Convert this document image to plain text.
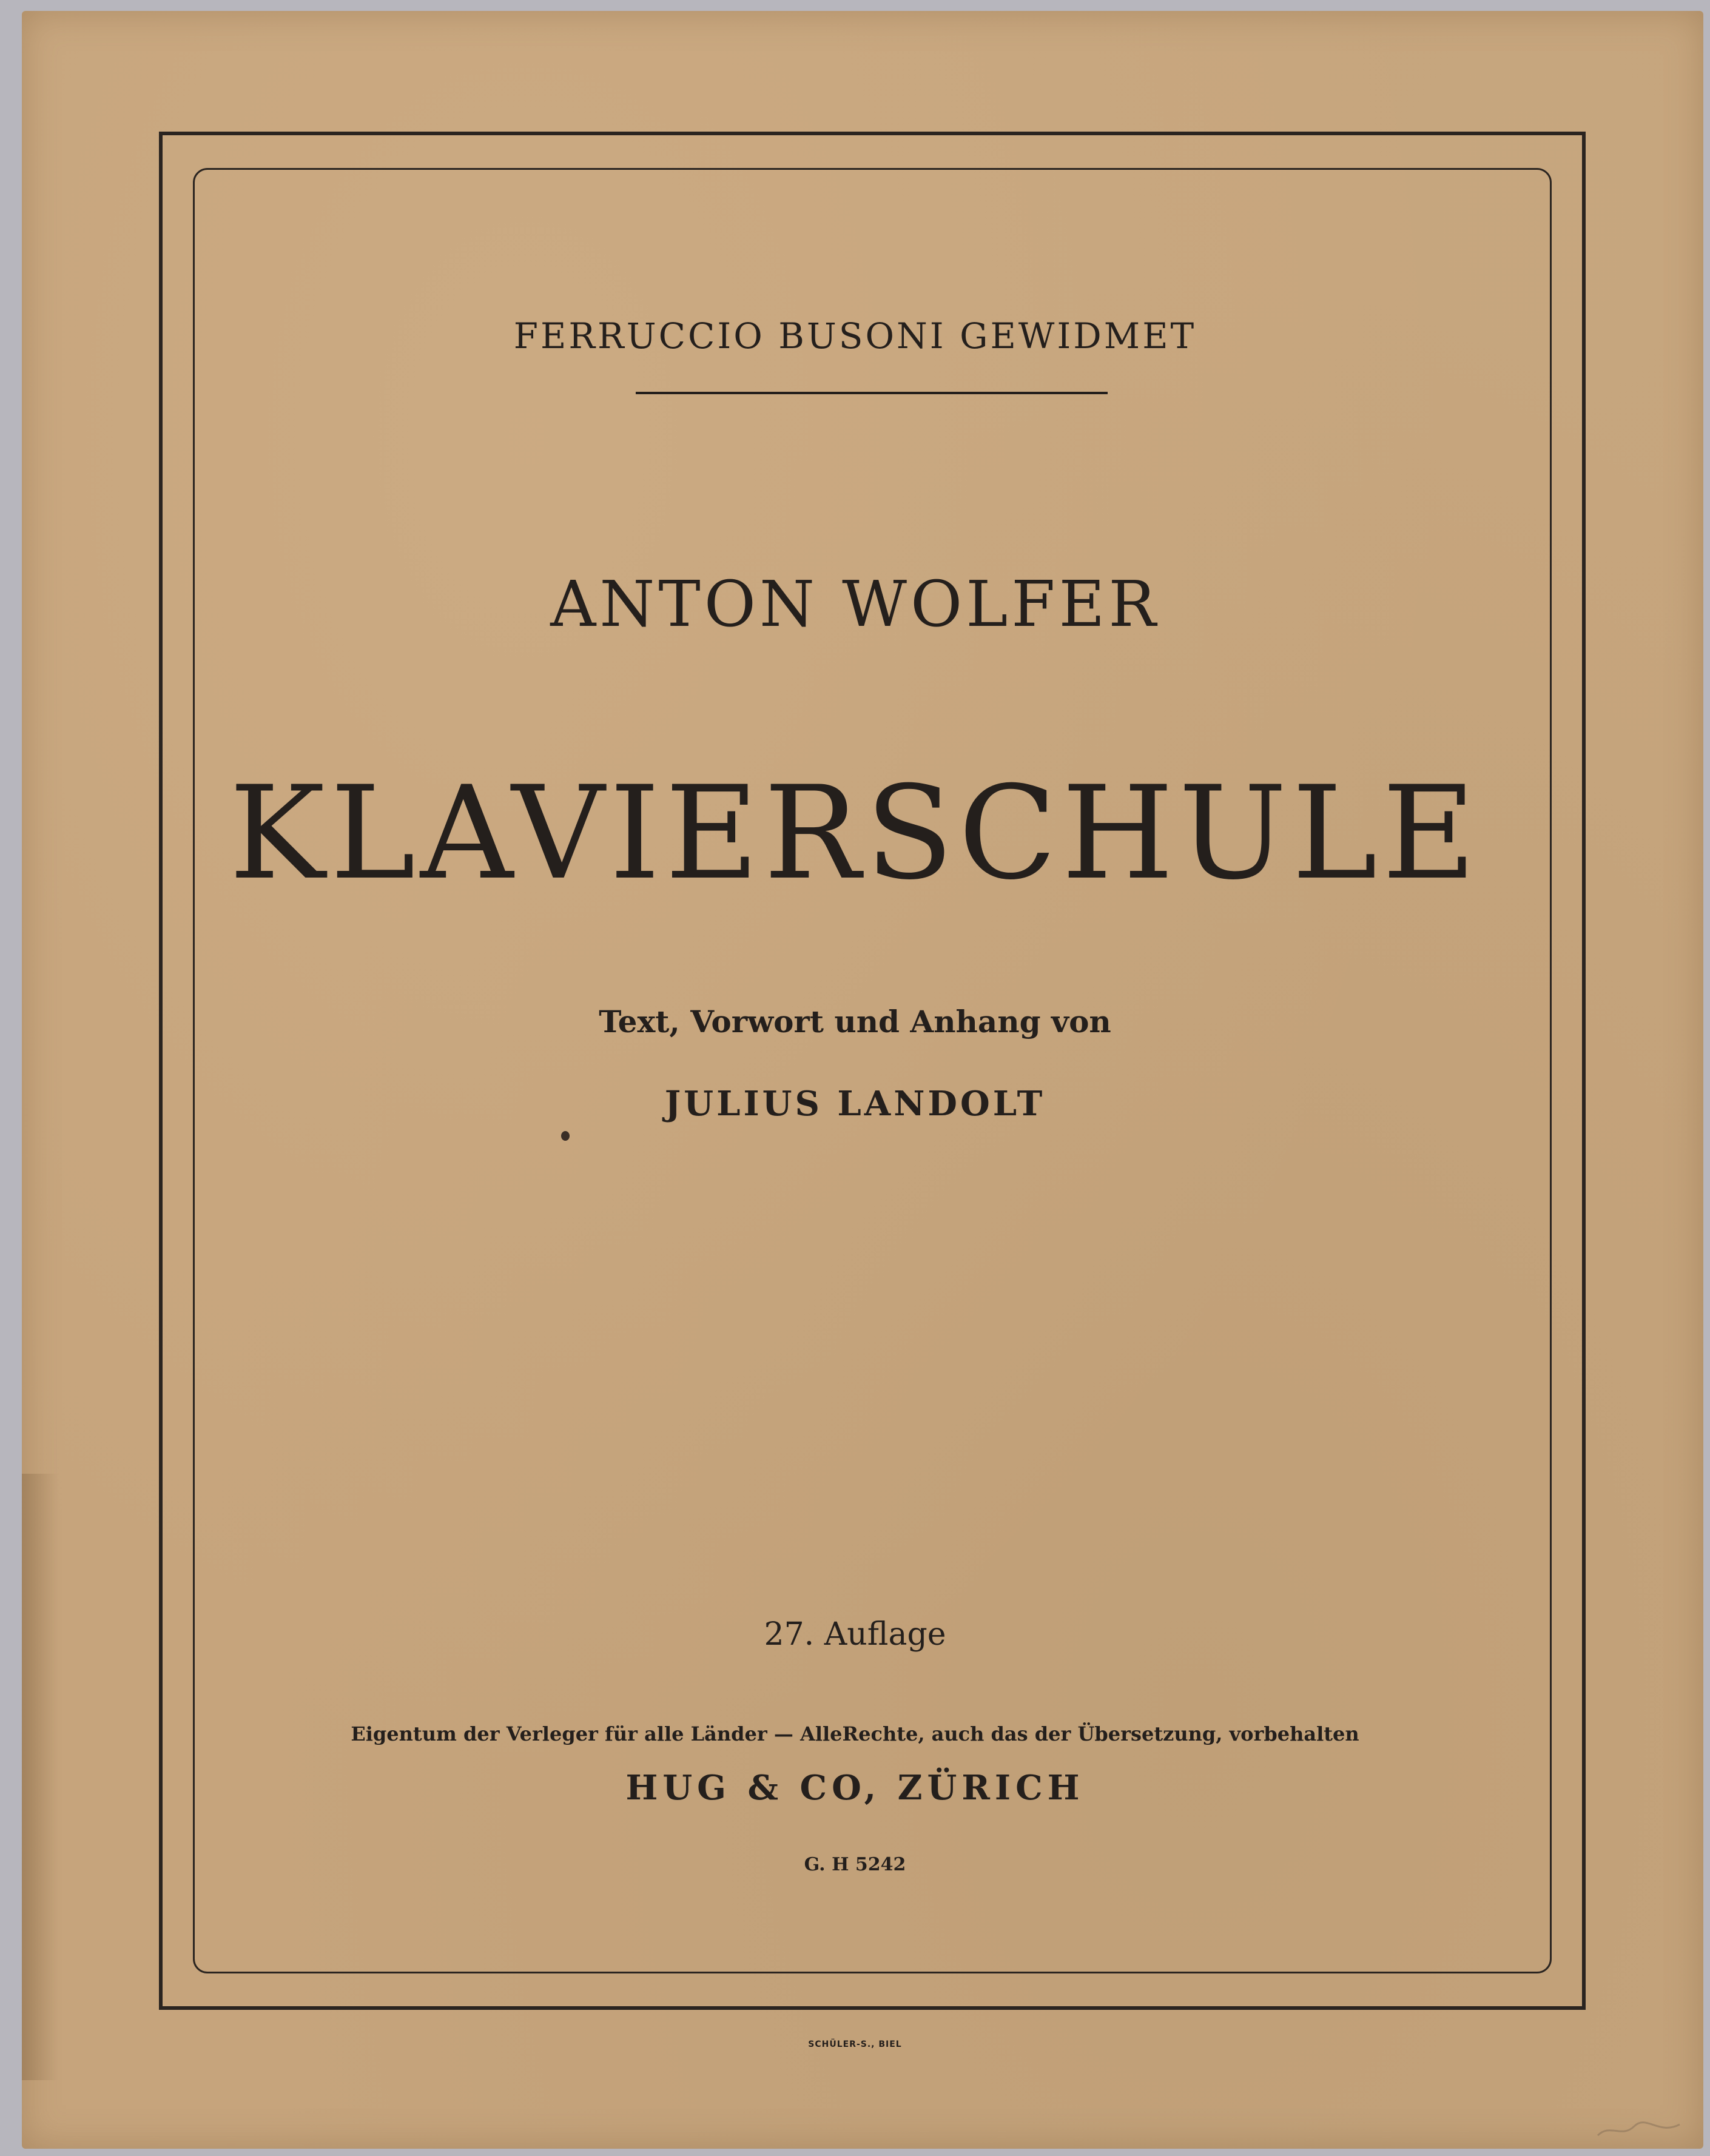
FERRUCCIO BUSONI GEWIDMET
ANTON WOLFER
KLAVIERSCHULE
Text, Vorwort und Anhang von
JULIUS LANDOLT
27. Auflage
Eigentum der Verleger für alle Länder — AlleRechte, auch das der Übersetzung, vorbehalten
HUG & CO, ZÜRICH
G. H 5242
SCHÜLER-S., BIEL
